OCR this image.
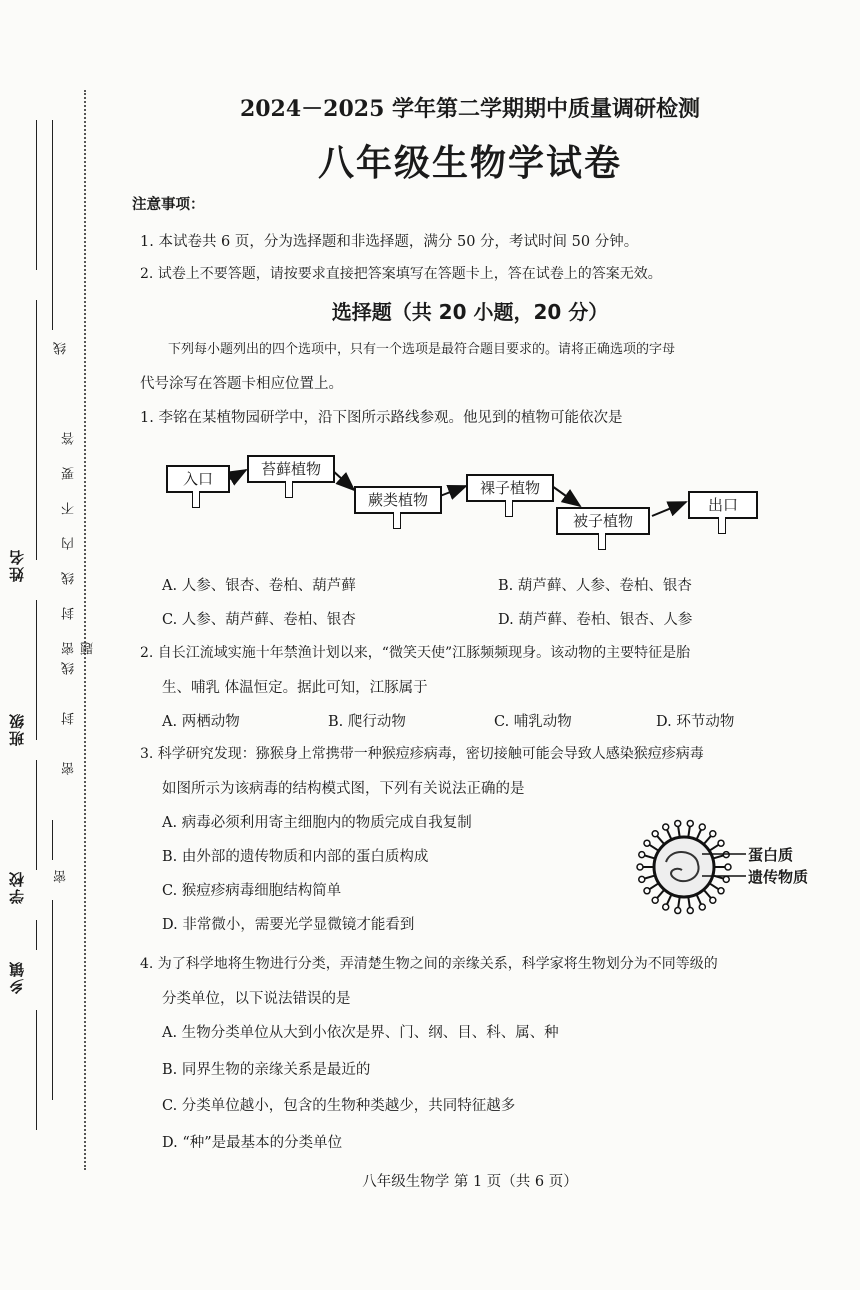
姓名
班级
学校
乡镇
线
密封线内不要答题
线
封
密
密
2024－2025 学年第二学期期中质量调研检测
八年级生物学试卷
注意事项：
1. 本试卷共 6 页，分为选择题和非选择题，满分 50 分，考试时间 50 分钟。
2. 试卷上不要答题，请按要求直接把答案填写在答题卡上，答在试卷上的答案无效。
选择题（共 20 小题，20 分）
下列每小题列出的四个选项中，只有一个选项是最符合题目要求的。请将正确选项的字母
代号涂写在答题卡相应位置上。
1. 李铭在某植物园研学中，沿下图所示路线参观。他见到的植物可能依次是
入口
苔藓植物
蕨类植物
裸子植物
被子植物
出口
A. 人参、银杏、卷柏、葫芦藓	B. 葫芦藓、人参、卷柏、银杏
C. 人参、葫芦藓、卷柏、银杏	D. 葫芦藓、卷柏、银杏、人参
2. 自长江流域实施十年禁渔计划以来，“微笑天使”江豚频频现身。该动物的主要特征是胎
生、哺乳 体温恒定。据此可知，江豚属于
A. 两栖动物	B. 爬行动物	C. 哺乳动物	D. 环节动物
3. 科学研究发现：猕猴身上常携带一种猴痘疹病毒，密切接触可能会导致人感染猴痘疹病毒
如图所示为该病毒的结构模式图，下列有关说法正确的是
A. 病毒必须利用寄主细胞内的物质完成自我复制
B. 由外部的遗传物质和内部的蛋白质构成
C. 猴痘疹病毒细胞结构简单
D. 非常微小，需要光学显微镜才能看到
蛋白质
遗传物质
4. 为了科学地将生物进行分类，弄清楚生物之间的亲缘关系，科学家将生物划分为不同等级的
分类单位，以下说法错误的是
A. 生物分类单位从大到小依次是界、门、纲、目、科、属、种
B. 同界生物的亲缘关系是最近的
C. 分类单位越小，包含的生物种类越少，共同特征越多
D. “种”是最基本的分类单位
八年级生物学 第 1 页（共 6 页）
